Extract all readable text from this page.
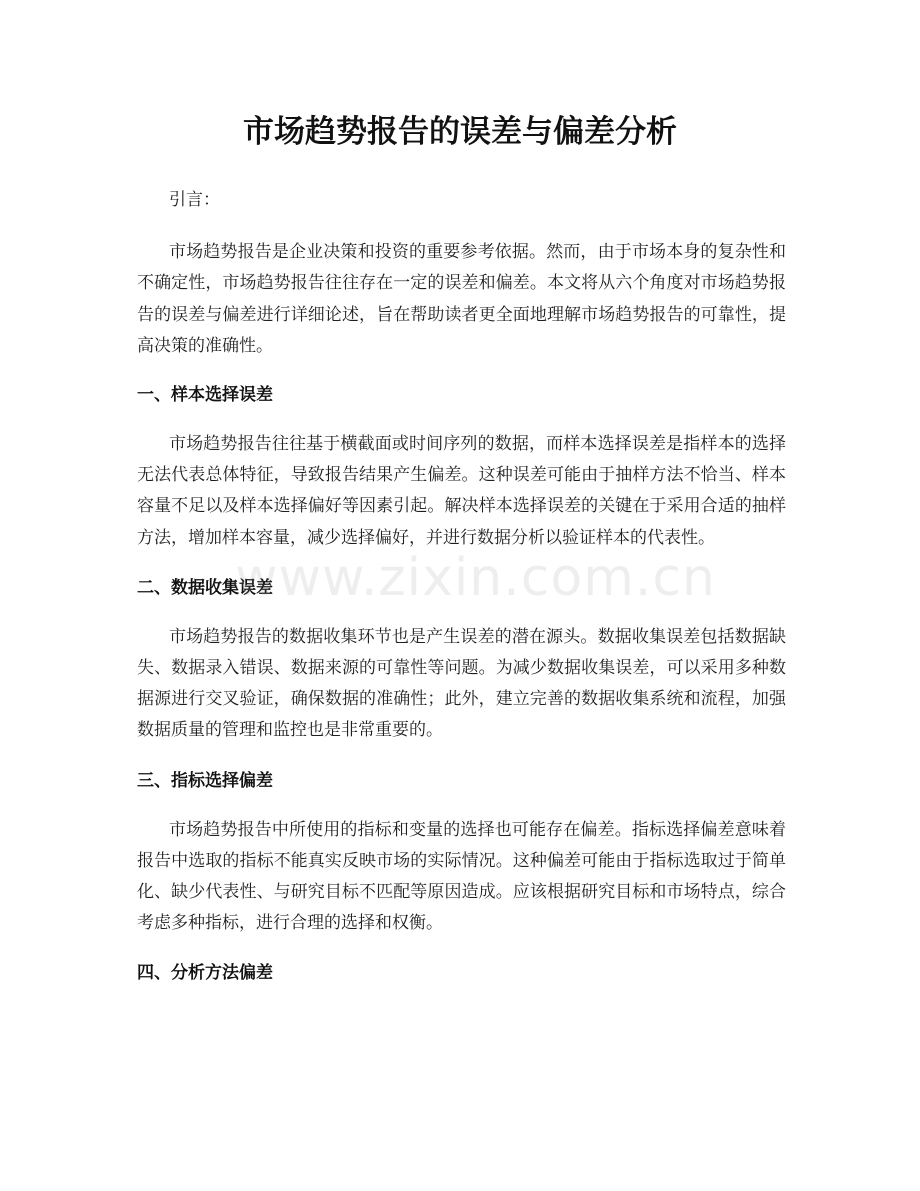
市场趋势报告的误差与偏差分析

引言：

市场趋势报告是企业决策和投资的重要参考依据。然而，由于市场本身的复杂性和不确定性，市场趋势报告往往存在一定的误差和偏差。本文将从六个角度对市场趋势报告的误差与偏差进行详细论述，旨在帮助读者更全面地理解市场趋势报告的可靠性，提高决策的准确性。

一、样本选择误差

市场趋势报告往往基于横截面或时间序列的数据，而样本选择误差是指样本的选择无法代表总体特征，导致报告结果产生偏差。这种误差可能由于抽样方法不恰当、样本容量不足以及样本选择偏好等因素引起。解决样本选择误差的关键在于采用合适的抽样方法，增加样本容量，减少选择偏好，并进行数据分析以验证样本的代表性。

二、数据收集误差

市场趋势报告的数据收集环节也是产生误差的潜在源头。数据收集误差包括数据缺失、数据录入错误、数据来源的可靠性等问题。为减少数据收集误差，可以采用多种数据源进行交叉验证，确保数据的准确性；此外，建立完善的数据收集系统和流程，加强数据质量的管理和监控也是非常重要的。

三、指标选择偏差

市场趋势报告中所使用的指标和变量的选择也可能存在偏差。指标选择偏差意味着报告中选取的指标不能真实反映市场的实际情况。这种偏差可能由于指标选取过于简单化、缺少代表性、与研究目标不匹配等原因造成。应该根据研究目标和市场特点，综合考虑多种指标，进行合理的选择和权衡。

四、分析方法偏差
www.zixin.com.cn
